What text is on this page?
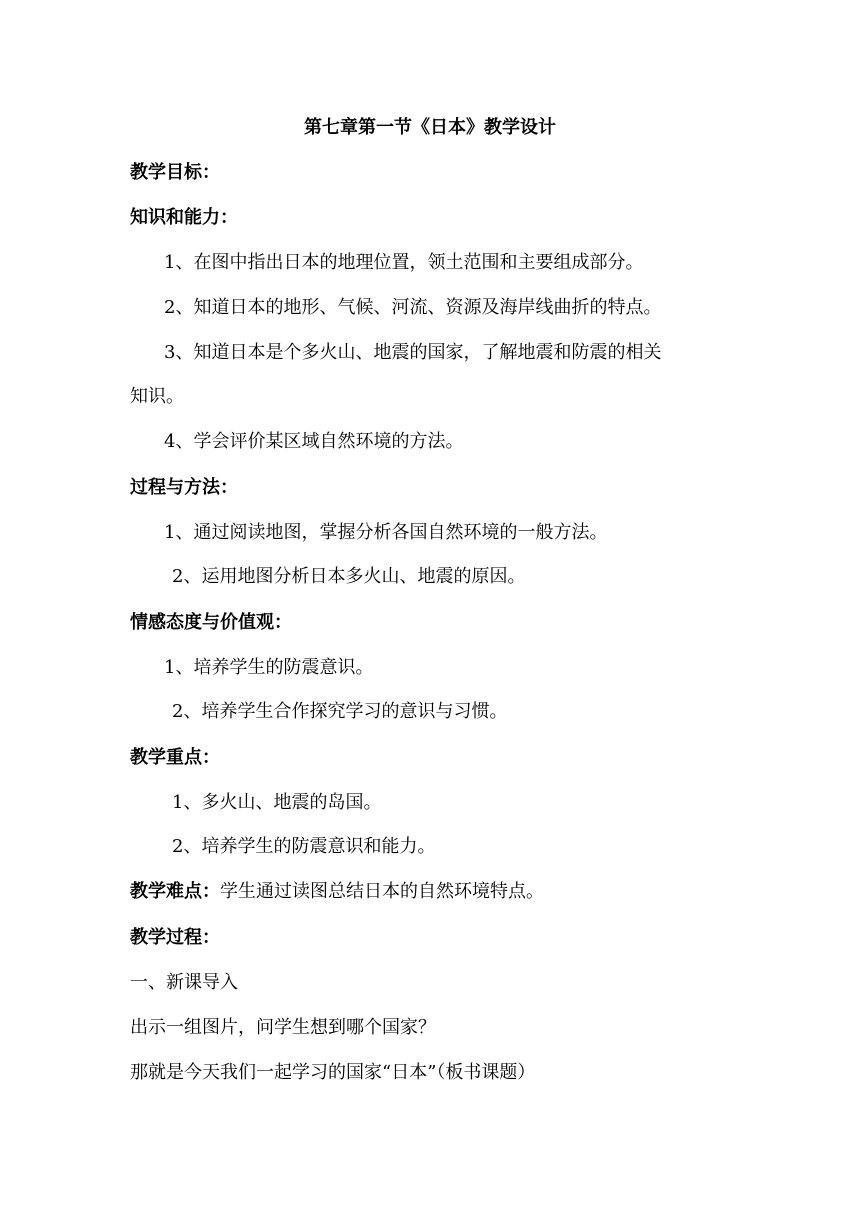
第七章第一节《日本》教学设计
教学目标：
知识和能力：
1、在图中指出日本的地理位置，领土范围和主要组成部分。
2、知道日本的地形、气候、河流、资源及海岸线曲折的特点。
3、知道日本是个多火山、地震的国家，了解地震和防震的相关
知识。
4、学会评价某区域自然环境的方法。
过程与方法：
1、通过阅读地图，掌握分析各国自然环境的一般方法。
2、运用地图分析日本多火山、地震的原因。
情感态度与价值观：
1、培养学生的防震意识。
2、培养学生合作探究学习的意识与习惯。
教学重点：
1、多火山、地震的岛国。
2、培养学生的防震意识和能力。
教学难点：学生通过读图总结日本的自然环境特点。
教学过程：
一、新课导入
出示一组图片，问学生想到哪个国家？
那就是今天我们一起学习的国家“日本”（板书课题）
